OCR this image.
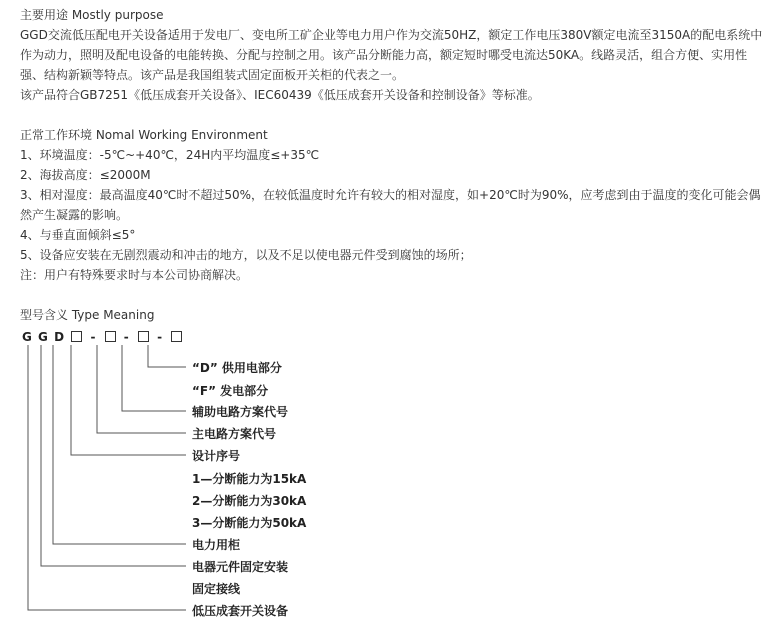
主要用途 Mostly purpose

GGD交流低压配电开关设备适用于发电厂、变电所工矿企业等电力用户作为交流50HZ，额定工作电压380V额定电流至3150A的配电系统中作为动力，照明及配电设备的电能转换、分配与控制之用。该产品分断能力高，额定短时哪受电流达50KA。线路灵活，组合方便、实用性强、结构新颖等特点。该产品是我国组装式固定面板开关柜的代表之一。

该产品符合GB7251《低压成套开关设备》、IEC60439《低压成套开关设备和控制设备》等标准。

正常工作环境 Nomal Working Environment

1、环境温度：-5℃~+40℃，24H内平均温度≤+35℃

2、海拔高度：≤2000M

3、相对湿度：最高温度40℃时不超过50%，在较低温度时允许有较大的相对湿度，如+20℃时为90%，应考虑到由于温度的变化可能会偶然产生凝露的影响。

4、与垂直面倾斜≤5°

5、设备应安装在无剧烈震动和冲击的地方，以及不足以使电器元件受到腐蚀的场所；

注：用户有特殊要求时与本公司协商解决。

型号含义 Type Meaning

G G D - - -
“D” 供用电部分
“F” 发电部分
辅助电路方案代号
主电路方案代号
设计序号
1—分断能力为15kA
2—分断能力为30kA
3—分断能力为50kA
电力用柜
电器元件固定安装
固定接线
低压成套开关设备
